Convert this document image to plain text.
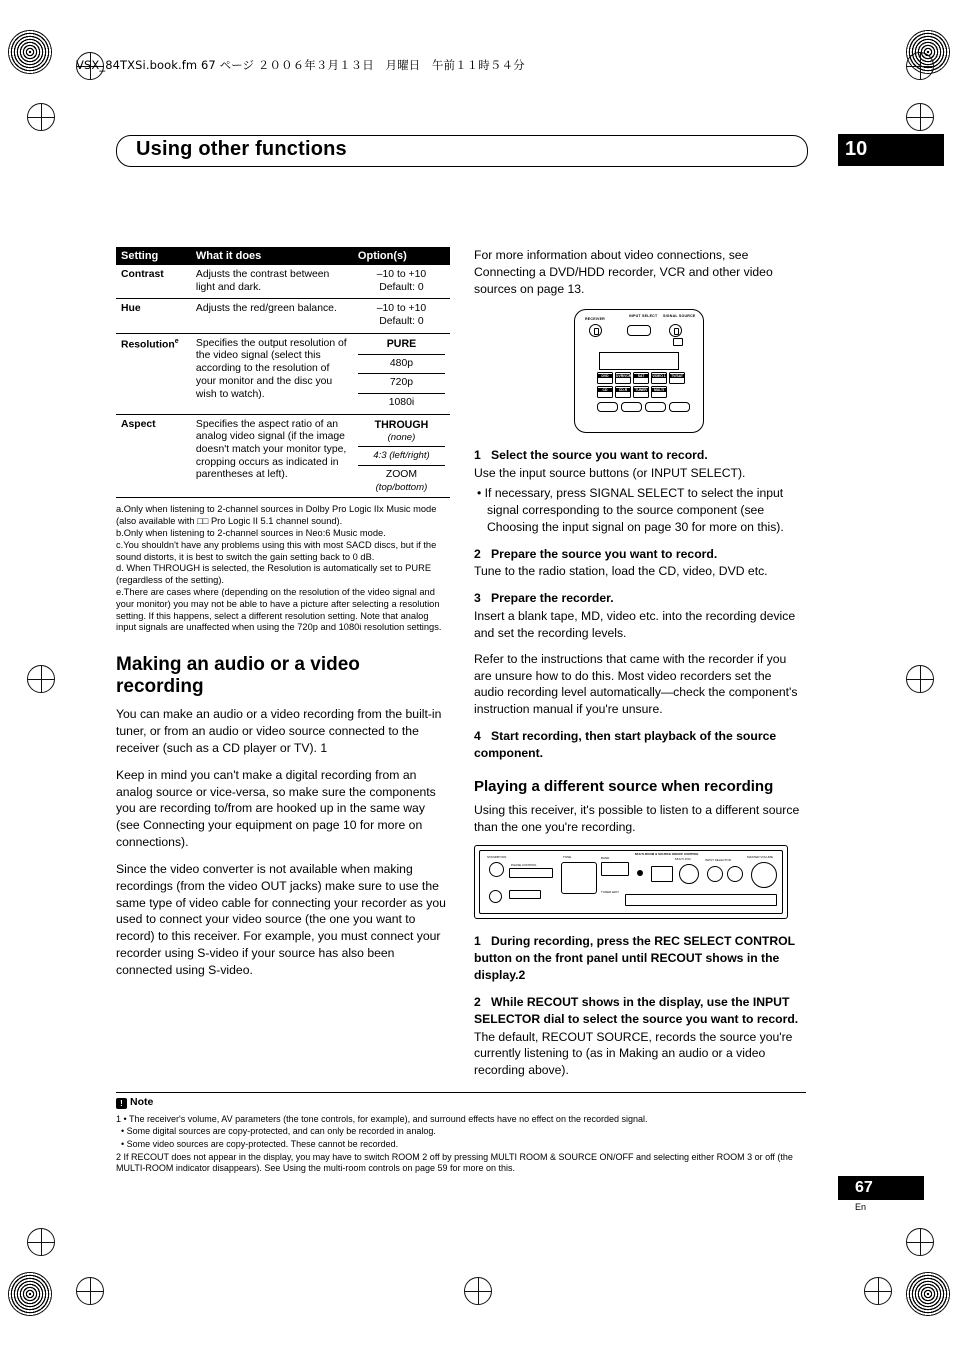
VSX_84TXSi.book.fm 67 ページ ２００６年３月１３日　月曜日　午前１１時５４分
Using other functions	10
Setting	What it does	Option(s)
Contrast	Adjusts the contrast between light and dark.	–10 to +10
Default: 0

Hue	Adjusts the red/green balance.	–10 to +10
Default: 0

Resolution$^e$	Specifies the output resolution of the video signal (select this according to the resolution of your monitor and the disc you wish to watch).	PURE
480p
720p
1080i

Aspect	Specifies the aspect ratio of an analog video signal (if the image doesn't match your monitor type, cropping occurs as indicated in parentheses at left).	THROUGH
(none)
4:3 (left/right)
ZOOM
(top/bottom)
a.Only when listening to 2-channel sources in Dolby Pro Logic IIx Music mode (also available with □□ Pro Logic II 5.1 channel sound).
b.Only when listening to 2-channel sources in Neo:6 Music mode.
c.You shouldn't have any problems using this with most SACD discs, but if the sound distorts, it is best to switch the gain setting back to 0 dB.
d. When THROUGH is selected, the Resolution is automatically set to PURE (regardless of the setting).
e.There are cases where (depending on the resolution of the video signal and your monitor) you may not be able to have a picture after selecting a resolution setting. If this happens, select a different resolution setting. Note that analog input signals are unaffected when using the 720p and 1080i resolution settings.
Making an audio or a video recording

You can make an audio or a video recording from the built-in tuner, or from an audio or video source connected to the receiver (such as a CD player or TV). 1

Keep in mind you can't make a digital recording from an analog source or vice-versa, so make sure the components you are recording to/from are hooked up in the same way (see Connecting your equipment on page 10 for more on connections).

Since the video converter is not available when making recordings (from the video OUT jacks) make sure to use the same type of video cable for connecting your recorder as you used to connect your video source (the one you want to record) to this receiver. For example, you must connect your recorder using S-video if your source has also been connected using S-video.

For more information about video connections, see Connecting a DVD/HDD recorder, VCR and other video sources on page 13.

RECEIVER
INPUT SELECT SIGNAL SOURCE
DVD	DVR/VCR	SAT	VIDEO 1	TV/SAT
CD	CD-R	TUNER	MULTI
1 Select the source you want to record.

Use the input source buttons (or INPUT SELECT).

• If necessary, press SIGNAL SELECT to select the input signal corresponding to the source component (see Choosing the input signal on page 30 for more on this).

2 Prepare the source you want to record.

Tune to the radio station, load the CD, video, DVD etc.

3 Prepare the recorder.

Insert a blank tape, MD, video etc. into the recording device and set the recording levels.

Refer to the instructions that came with the recorder if you are unsure how to do this. Most video recorders set the audio recording level automatically—check the component's instruction manual if you're unsure.

4 Start recording, then start playback of the source component.
Playing a different source when recording

Using this receiver, it's possible to listen to a different source than the one you're recording.

STANDBY/ON
PHASE CONTROL
TONE	BAND
TUNER EDIT
MULTI-ROOM & SOURCE ON/OFF CONTROL
MULTI JOG	INPUT SELECTOR
MASTER VOLUME
1 During recording, press the REC SELECT CONTROL button on the front panel until RECOUT shows in the display.2
2 While RECOUT shows in the display, use the INPUT SELECTOR dial to select the source you want to record.

The default, RECOUT SOURCE, records the source you're currently listening to (as in Making an audio or a video recording above).

! Note
1 • The receiver's volume, AV parameters (the tone controls, for example), and surround effects have no effect on the recorded signal.
• Some digital sources are copy-protected, and can only be recorded in analog.
• Some video sources are copy-protected. These cannot be recorded.
2 If RECOUT does not appear in the display, you may have to switch ROOM 2 off by pressing MULTI ROOM & SOURCE ON/OFF and selecting either ROOM 3 or off (the MULTI-ROOM indicator disappears). See Using the multi-room controls on page 59 for more on this.
67
En
